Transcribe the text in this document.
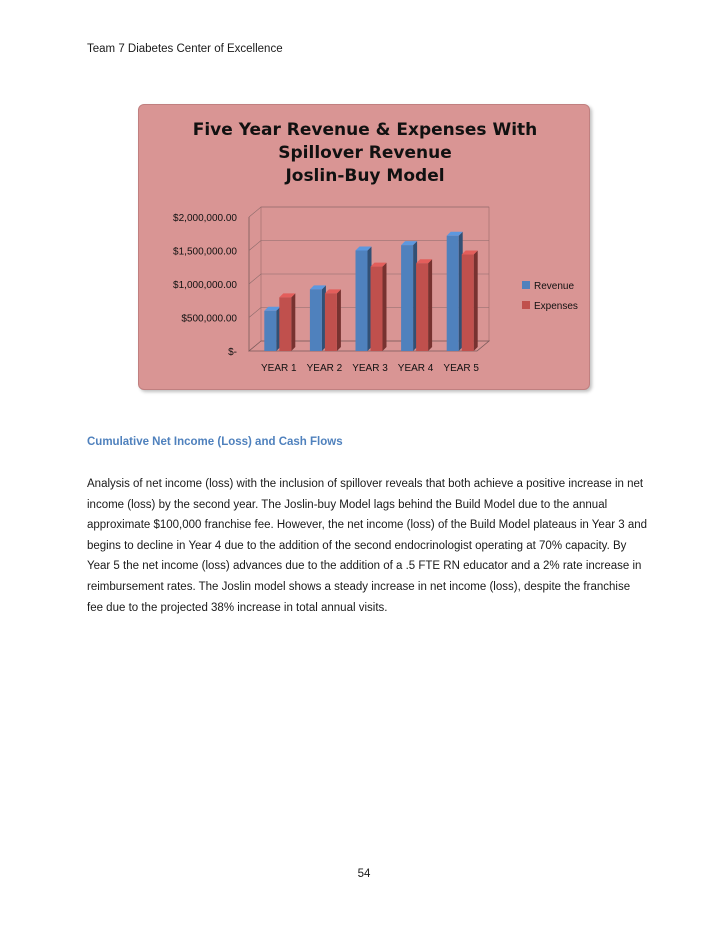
Team 7 Diabetes Center of Excellence

Five Year Revenue & Expenses With
Spillover Revenue
Joslin-Buy Model
$-
$500,000.00
$1,000,000.00
$1,500,000.00
$2,000,000.00
YEAR 1 YEAR 2 YEAR 3 YEAR 4 YEAR 5
Revenue
Expenses

Cumulative Net Income (Loss) and Cash Flows

Analysis of net income (loss) with the inclusion of spillover reveals that both achieve a positive increase in net income (loss) by the second year. The Joslin-buy Model lags behind the Build Model due to the annual approximate $100,000 franchise fee. However, the net income (loss) of the Build Model plateaus in Year 3 and begins to decline in Year 4 due to the addition of the second endocrinologist operating at 70% capacity. By Year 5 the net income (loss) advances due to the addition of a .5 FTE RN educator and a 2% rate increase in reimbursement rates. The Joslin model shows a steady increase in net income (loss), despite the franchise fee due to the projected 38% increase in total annual visits.

54
